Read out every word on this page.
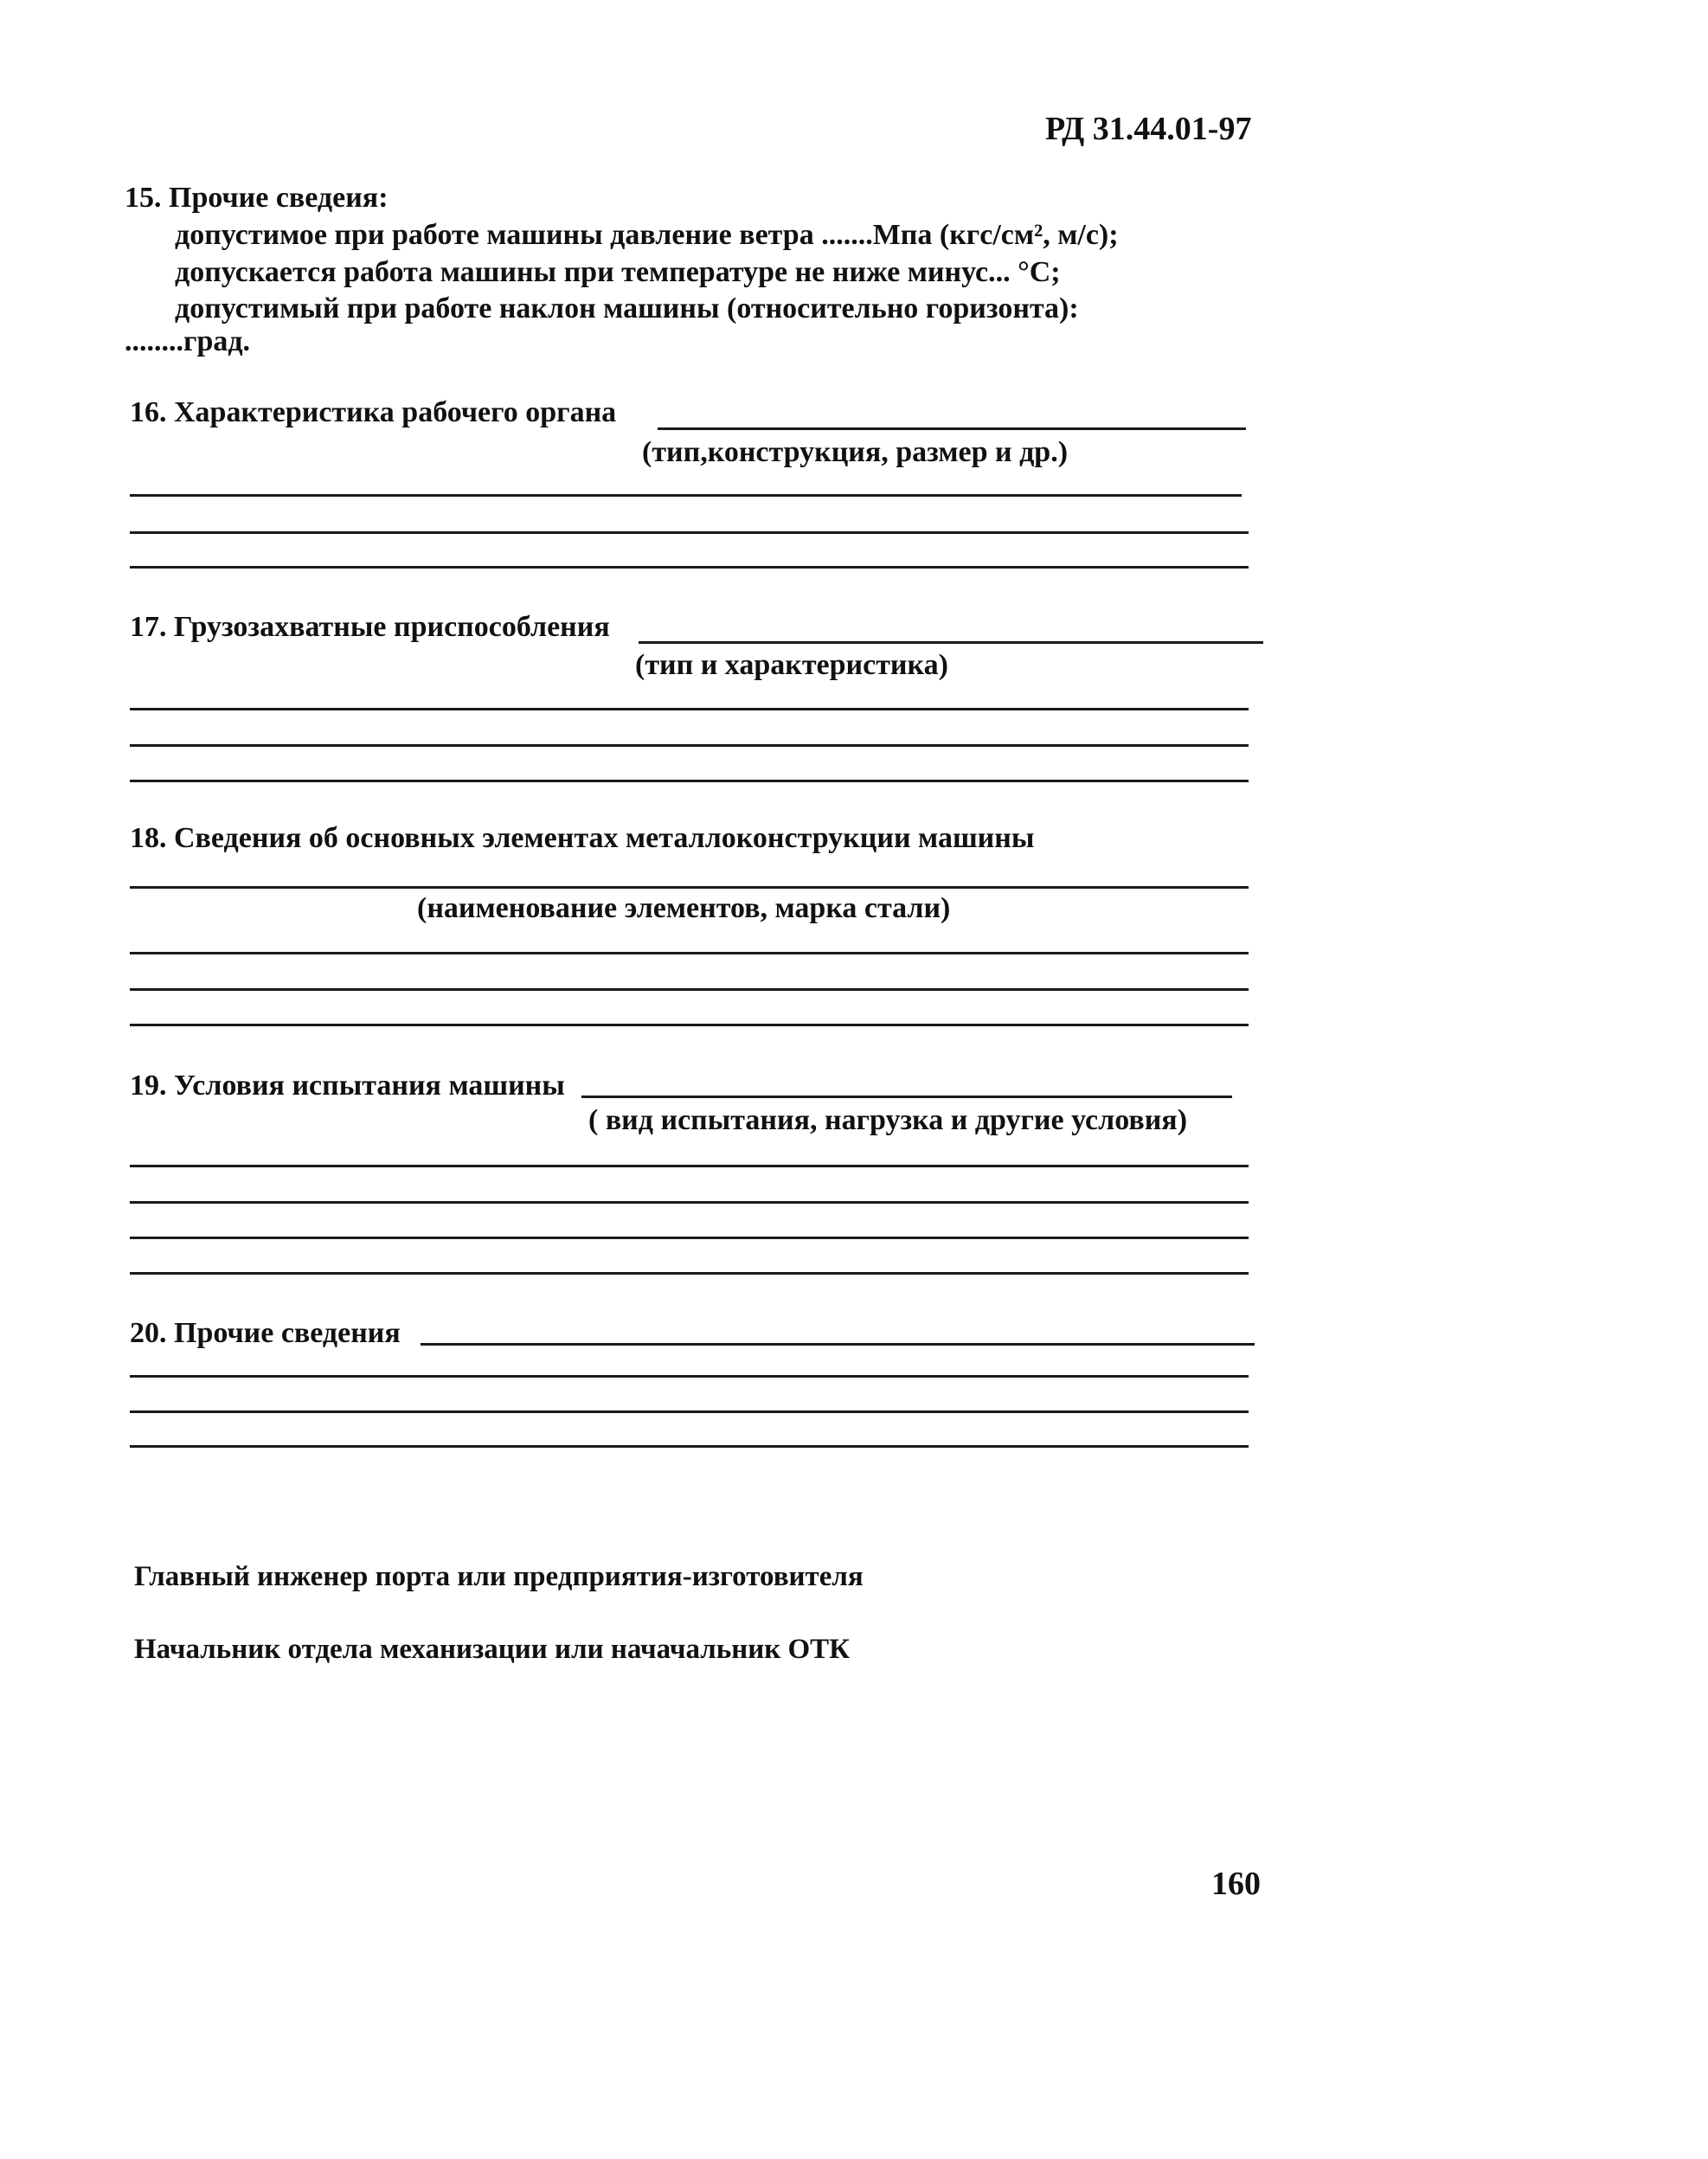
РД 31.44.01-97
15. Прочие сведеия:
допустимое при работе машины давление ветра .......Мпа (кгс/см², м/с);
допускается работа машины при температуре не ниже минус... °С;
допустимый при работе наклон машины (относительно горизонта):
........град.
16. Характеристика рабочего органа
(тип,конструкция, размер и др.)
17. Грузозахватные приспособления
(тип и характеристика)
18. Сведения об основных элементах металлоконструкции машины
(наименование элементов, марка стали)
19. Условия испытания машины
( вид испытания, нагрузка и другие условия)
20. Прочие сведения
Главный инженер порта или предприятия-изготовителя
Начальник отдела механизации или начачальник ОТК
160
